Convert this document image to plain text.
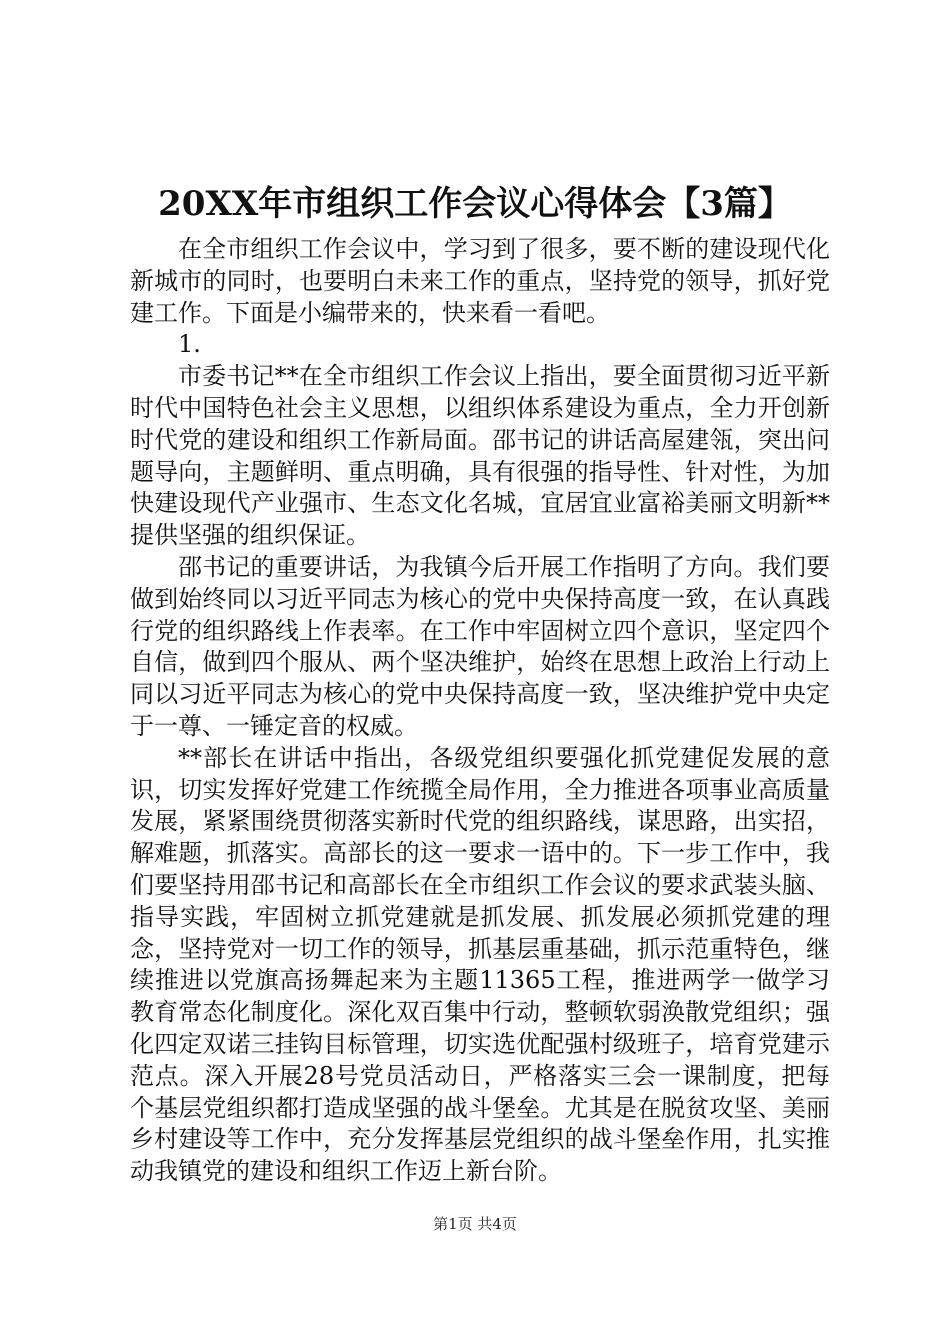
20XX年市组织工作会议心得体会【3篇】

在全市组织工作会议中，学习到了很多，要不断的建设现代化新城市的同时，也要明白未来工作的重点，坚持党的领导，抓好党建工作。下面是小编带来的，快来看一看吧。

1.

市委书记**在全市组织工作会议上指出，要全面贯彻习近平新时代中国特色社会主义思想，以组织体系建设为重点，全力开创新时代党的建设和组织工作新局面。邵书记的讲话高屋建瓴，突出问题导向，主题鲜明、重点明确，具有很强的指导性、针对性，为加快建设现代产业强市、生态文化名城，宜居宜业富裕美丽文明新**提供坚强的组织保证。

邵书记的重要讲话，为我镇今后开展工作指明了方向。我们要做到始终同以习近平同志为核心的党中央保持高度一致，在认真践行党的组织路线上作表率。在工作中牢固树立四个意识，坚定四个自信，做到四个服从、两个坚决维护，始终在思想上政治上行动上同以习近平同志为核心的党中央保持高度一致，坚决维护党中央定于一尊、一锤定音的权威。

**部长在讲话中指出，各级党组织要强化抓党建促发展的意识，切实发挥好党建工作统揽全局作用，全力推进各项事业高质量发展，紧紧围绕贯彻落实新时代党的组织路线，谋思路，出实招，解难题，抓落实。高部长的这一要求一语中的。下一步工作中，我们要坚持用邵书记和高部长在全市组织工作会议的要求武装头脑、指导实践，牢固树立抓党建就是抓发展、抓发展必须抓党建的理念，坚持党对一切工作的领导，抓基层重基础，抓示范重特色，继续推进以党旗高扬舞起来为主题11365工程，推进两学一做学习教育常态化制度化。深化双百集中行动，整顿软弱涣散党组织；强化四定双诺三挂钩目标管理，切实选优配强村级班子，培育党建示范点。深入开展28号党员活动日，严格落实三会一课制度，把每个基层党组织都打造成坚强的战斗堡垒。尤其是在脱贫攻坚、美丽乡村建设等工作中，充分发挥基层党组织的战斗堡垒作用，扎实推动我镇党的建设和组织工作迈上新台阶。

第1页 共4页
